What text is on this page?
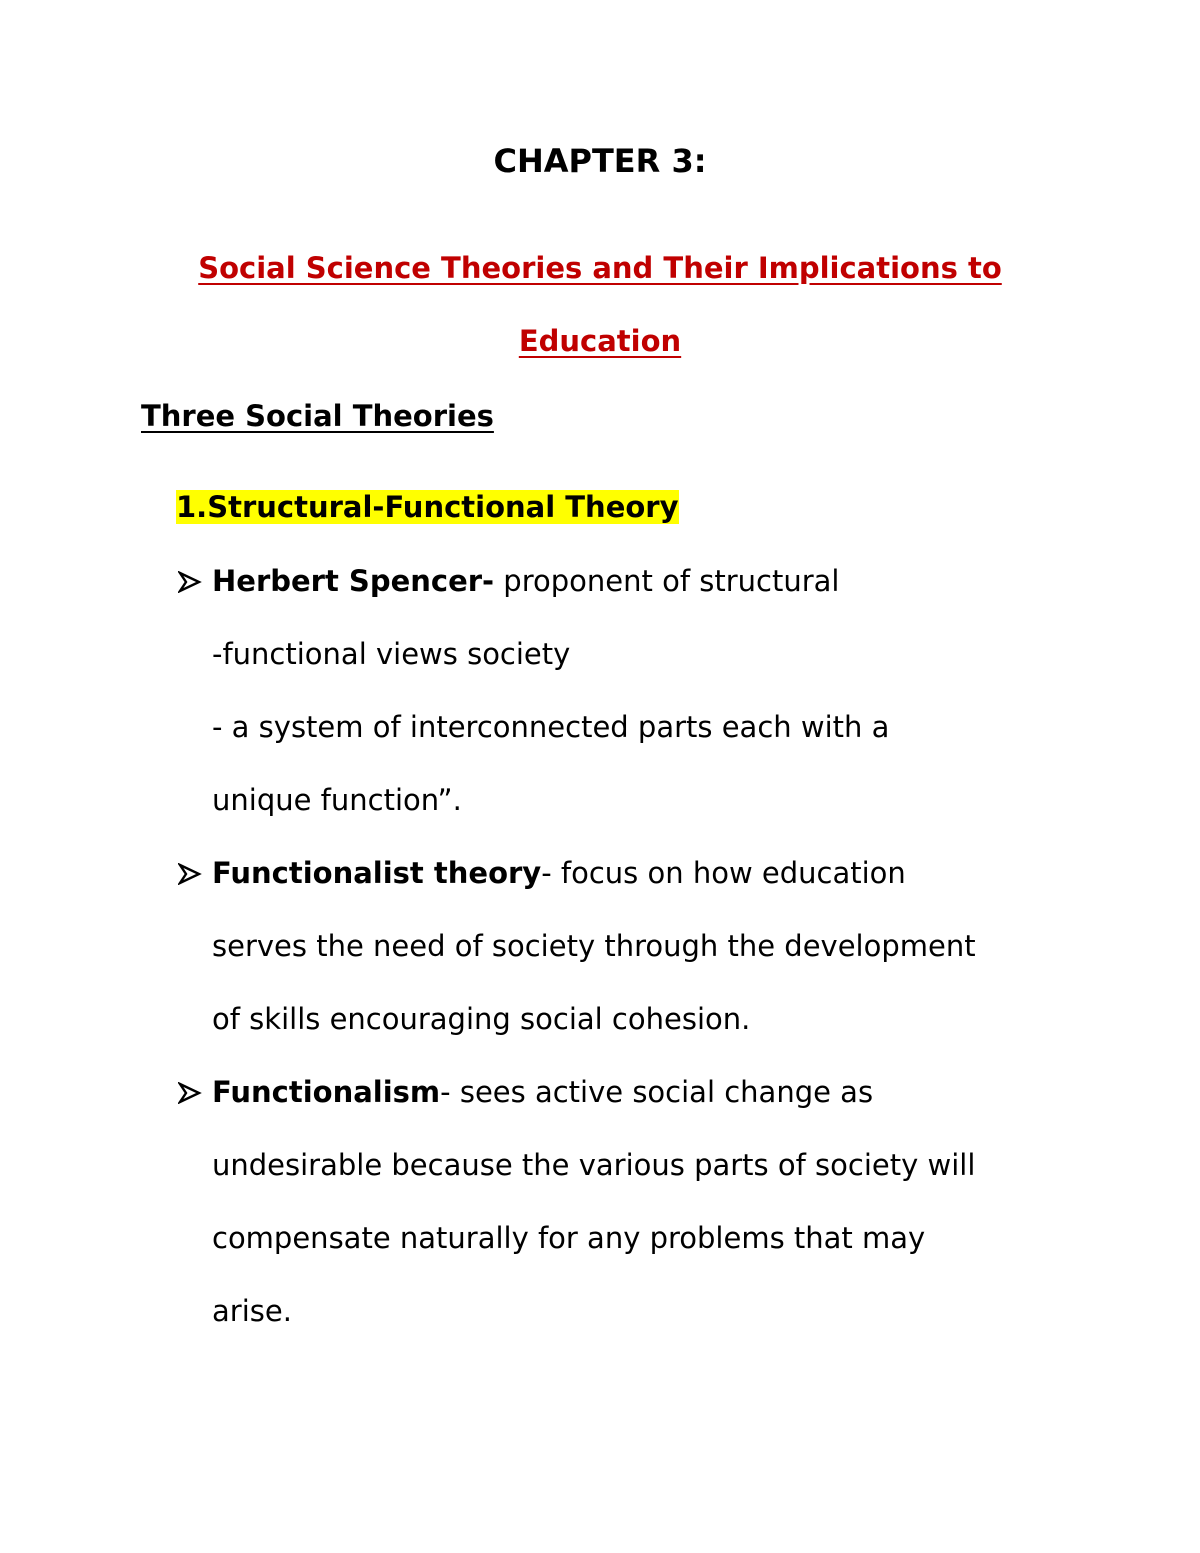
CHAPTER 3:
Social Science Theories and Their Implications to
Education
Three Social Theories

1.Structural-Functional Theory

Herbert Spencer- proponent of structural
-functional views society
- a system of interconnected parts each with a
unique function”.
Functionalist theory- focus on how education
serves the need of society through the development
of skills encouraging social cohesion.
Functionalism- sees active social change as
undesirable because the various parts of society will
compensate naturally for any problems that may
arise.
